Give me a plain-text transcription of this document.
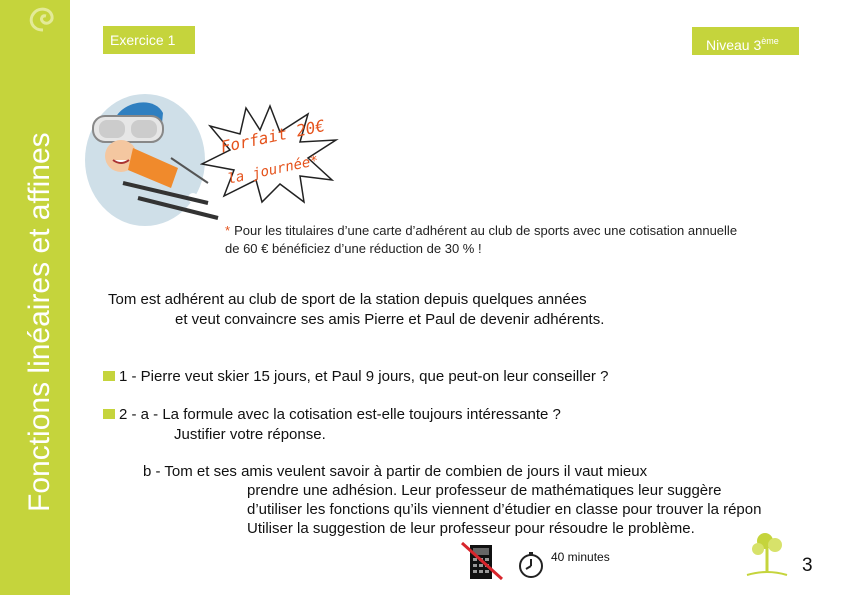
Fonctions linéaires et affines
Exercice 1	Niveau 3ème
Forfait 20€
la journée*
* Pour les titulaires d’une carte d’adhérent au club de sports avec une cotisation annuelle de 60 € bénéficiez d’une réduction de 30 % !
Tom est adhérent au club de sport de la station depuis quelques années
et veut convaincre ses amis Pierre et Paul de devenir adhérents.
1 - Pierre veut skier 15 jours, et Paul 9 jours, que peut-on leur conseiller ?
2 - a - La formule avec la cotisation est-elle toujours intéressante ?
Justifier votre réponse.
b - Tom et ses amis veulent savoir à partir de combien de jours il vaut mieux
prendre une adhésion. Leur professeur de mathématiques leur suggère
d’utiliser les fonctions qu’ils viennent d’étudier en classe pour trouver la répon
Utiliser la suggestion de leur professeur pour résoudre le problème.
40 minutes	3
